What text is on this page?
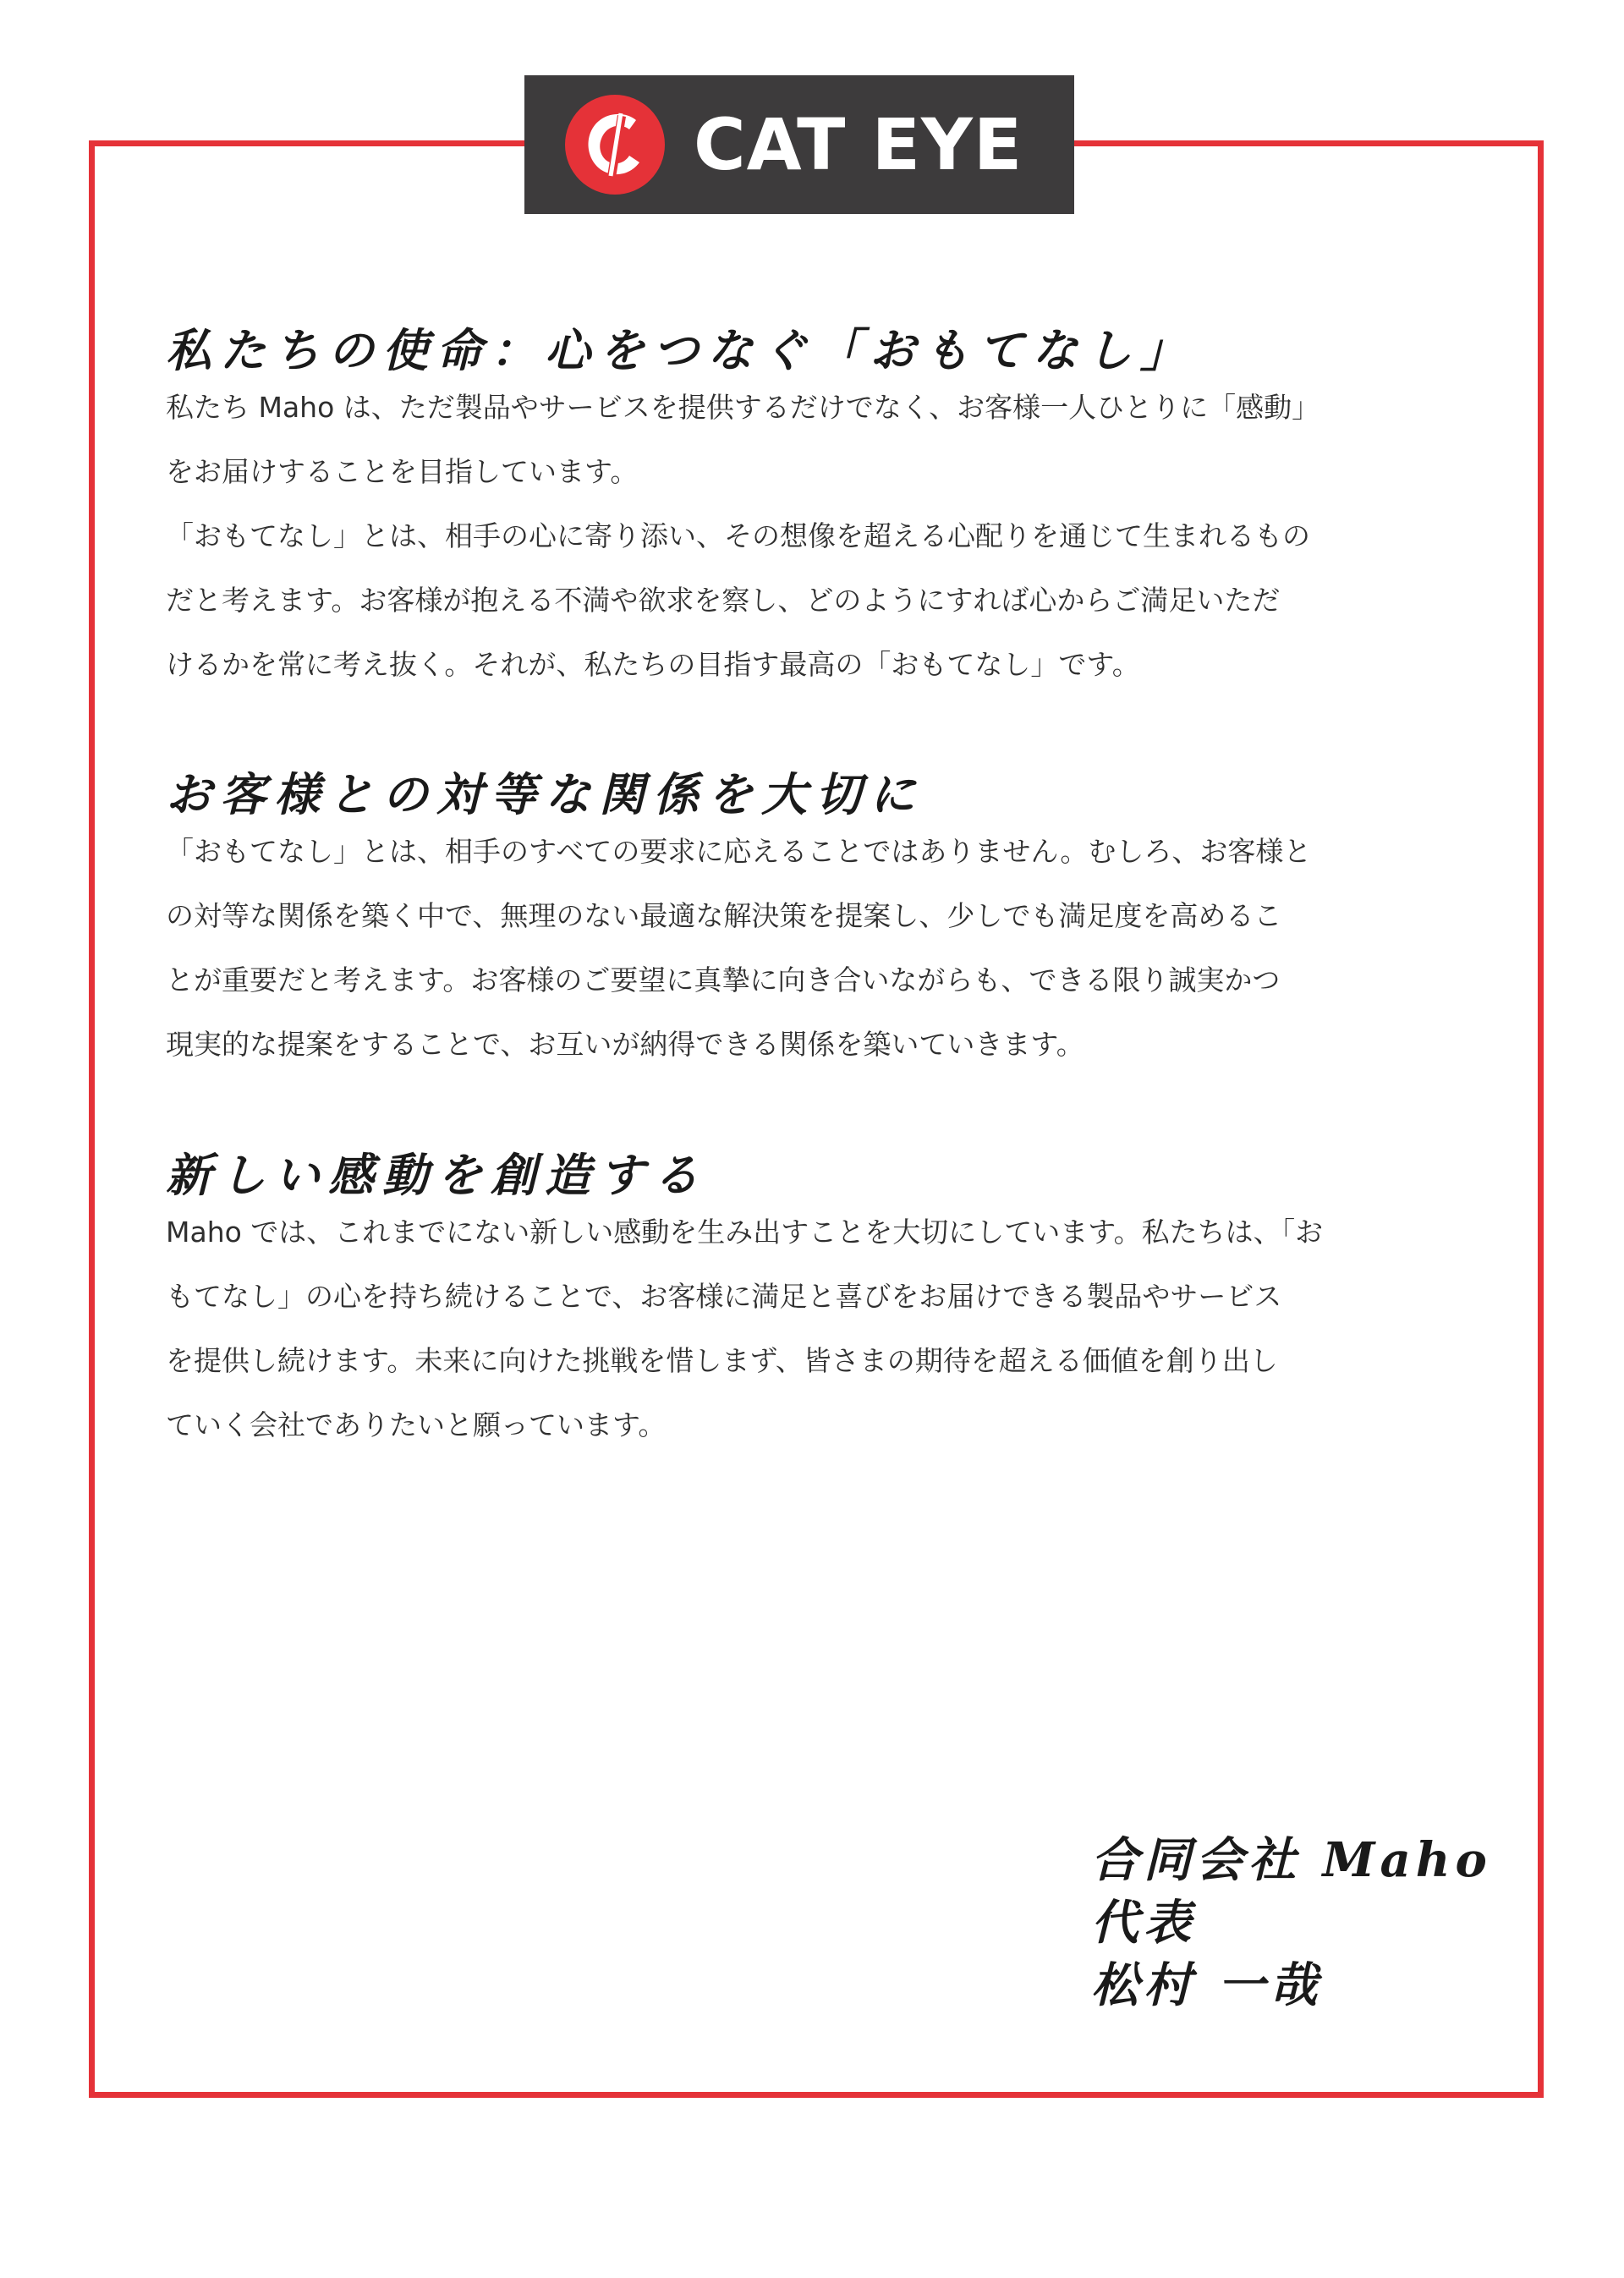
CAT EYE
私たちの使命：心をつなぐ「おもてなし」

私たち Maho は、ただ製品やサービスを提供するだけでなく、お客様一人ひとりに「感動」
をお届けすることを目指しています。

「おもてなし」とは、相手の心に寄り添い、その想像を超える心配りを通じて生まれるもの
だと考えます。お客様が抱える不満や欲求を察し、どのようにすれば心からご満足いただ
けるかを常に考え抜く。それが、私たちの目指す最高の「おもてなし」です。

お客様との対等な関係を大切に

「おもてなし」とは、相手のすべての要求に応えることではありません。むしろ、お客様と
の対等な関係を築く中で、無理のない最適な解決策を提案し、少しでも満足度を高めるこ
とが重要だと考えます。お客様のご要望に真摯に向き合いながらも、できる限り誠実かつ
現実的な提案をすることで、お互いが納得できる関係を築いていきます。

新しい感動を創造する

Maho では、これまでにない新しい感動を生み出すことを大切にしています。私たちは、「お
もてなし」の心を持ち続けることで、お客様に満足と喜びをお届けできる製品やサービス
を提供し続けます。未来に向けた挑戦を惜しまず、皆さまの期待を超える価値を創り出し
ていく会社でありたいと願っています。

合同会社 Maho
代表
松村 一哉
